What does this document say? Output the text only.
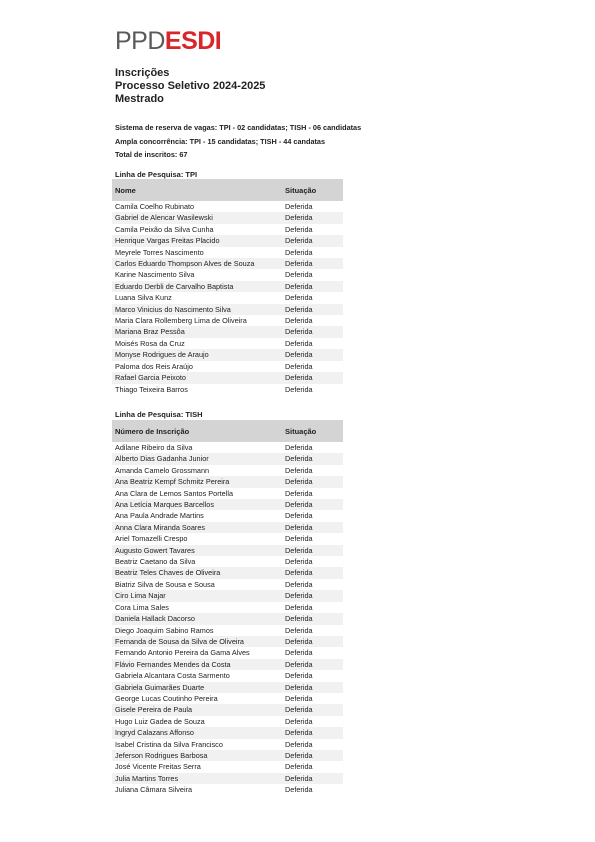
PPD ESDI
Inscrições
Processo Seletivo 2024-2025
Mestrado
Sistema de reserva de vagas: TPI - 02 candidatas; TISH - 06 candidatas
Ampla concorrência: TPI - 15 candidatas; TISH - 44 candatas
Total de inscritos: 67
Linha de Pesquisa: TPI
Nome	Situação
Camila Coelho Rubinato	Deferida
Gabriel de Alencar Wasilewski	Deferida
Camila Peixão da Silva Cunha	Deferida
Henrique Vargas Freitas Placido	Deferida
Meyrele Torres Nascimento	Deferida
Carlos Eduardo Thompson Alves de Souza	Deferida
Karine Nascimento Silva	Deferida
Eduardo Derbli de Carvalho Baptista	Deferida
Luana Silva Kunz	Deferida
Marco Vinicius do Nascimento Silva	Deferida
Maria Clara Rollemberg Lima de Oliveira	Deferida
Mariana Braz Pessôa	Deferida
Moisés Rosa da Cruz	Deferida
Monyse Rodrigues de Araujo	Deferida
Paloma dos Reis Araújo	Deferida
Rafael Garcia Peixoto	Deferida
Thiago Teixeira Barros	Deferida
Linha de Pesquisa: TISH
Número de Inscrição	Situação
Adilane Ribeiro da Silva	Deferida
Alberto Dias Gadanha Junior	Deferida
Amanda Camelo Grossmann	Deferida
Ana Beatriz Kempf Schmitz Pereira	Deferida
Ana Clara de Lemos Santos Portella	Deferida
Ana Letícia Marques Barcellos	Deferida
Ana Paula Andrade Martins	Deferida
Anna Clara Miranda Soares	Deferida
Ariel Tomazelli Crespo	Deferida
Augusto Gowert Tavares	Deferida
Beatriz Caetano da Silva	Deferida
Beatriz Teles Chaves de Oliveira	Deferida
Biatriz Silva de Sousa e Sousa	Deferida
Ciro Lima Najar	Deferida
Cora Lima Sales	Deferida
Daniela Hallack Dacorso	Deferida
Diego Joaquim Sabino Ramos	Deferida
Fernanda de Sousa da Silva de Oliveira	Deferida
Fernando Antonio Pereira da Gama Alves	Deferida
Flávio Fernandes Mendes da Costa	Deferida
Gabriela Alcantara Costa Sarmento	Deferida
Gabriela Guimarães Duarte	Deferida
George Lucas Coutinho Pereira	Deferida
Gisele Pereira de Paula	Deferida
Hugo Luiz Gadea de Souza	Deferida
Ingryd Calazans Affonso	Deferida
Isabel Cristina da Silva Francisco	Deferida
Jeferson Rodrigues Barbosa	Deferida
José Vicente Freitas Serra	Deferida
Julia Martins Torres	Deferida
Juliana Câmara Silveira	Deferida
